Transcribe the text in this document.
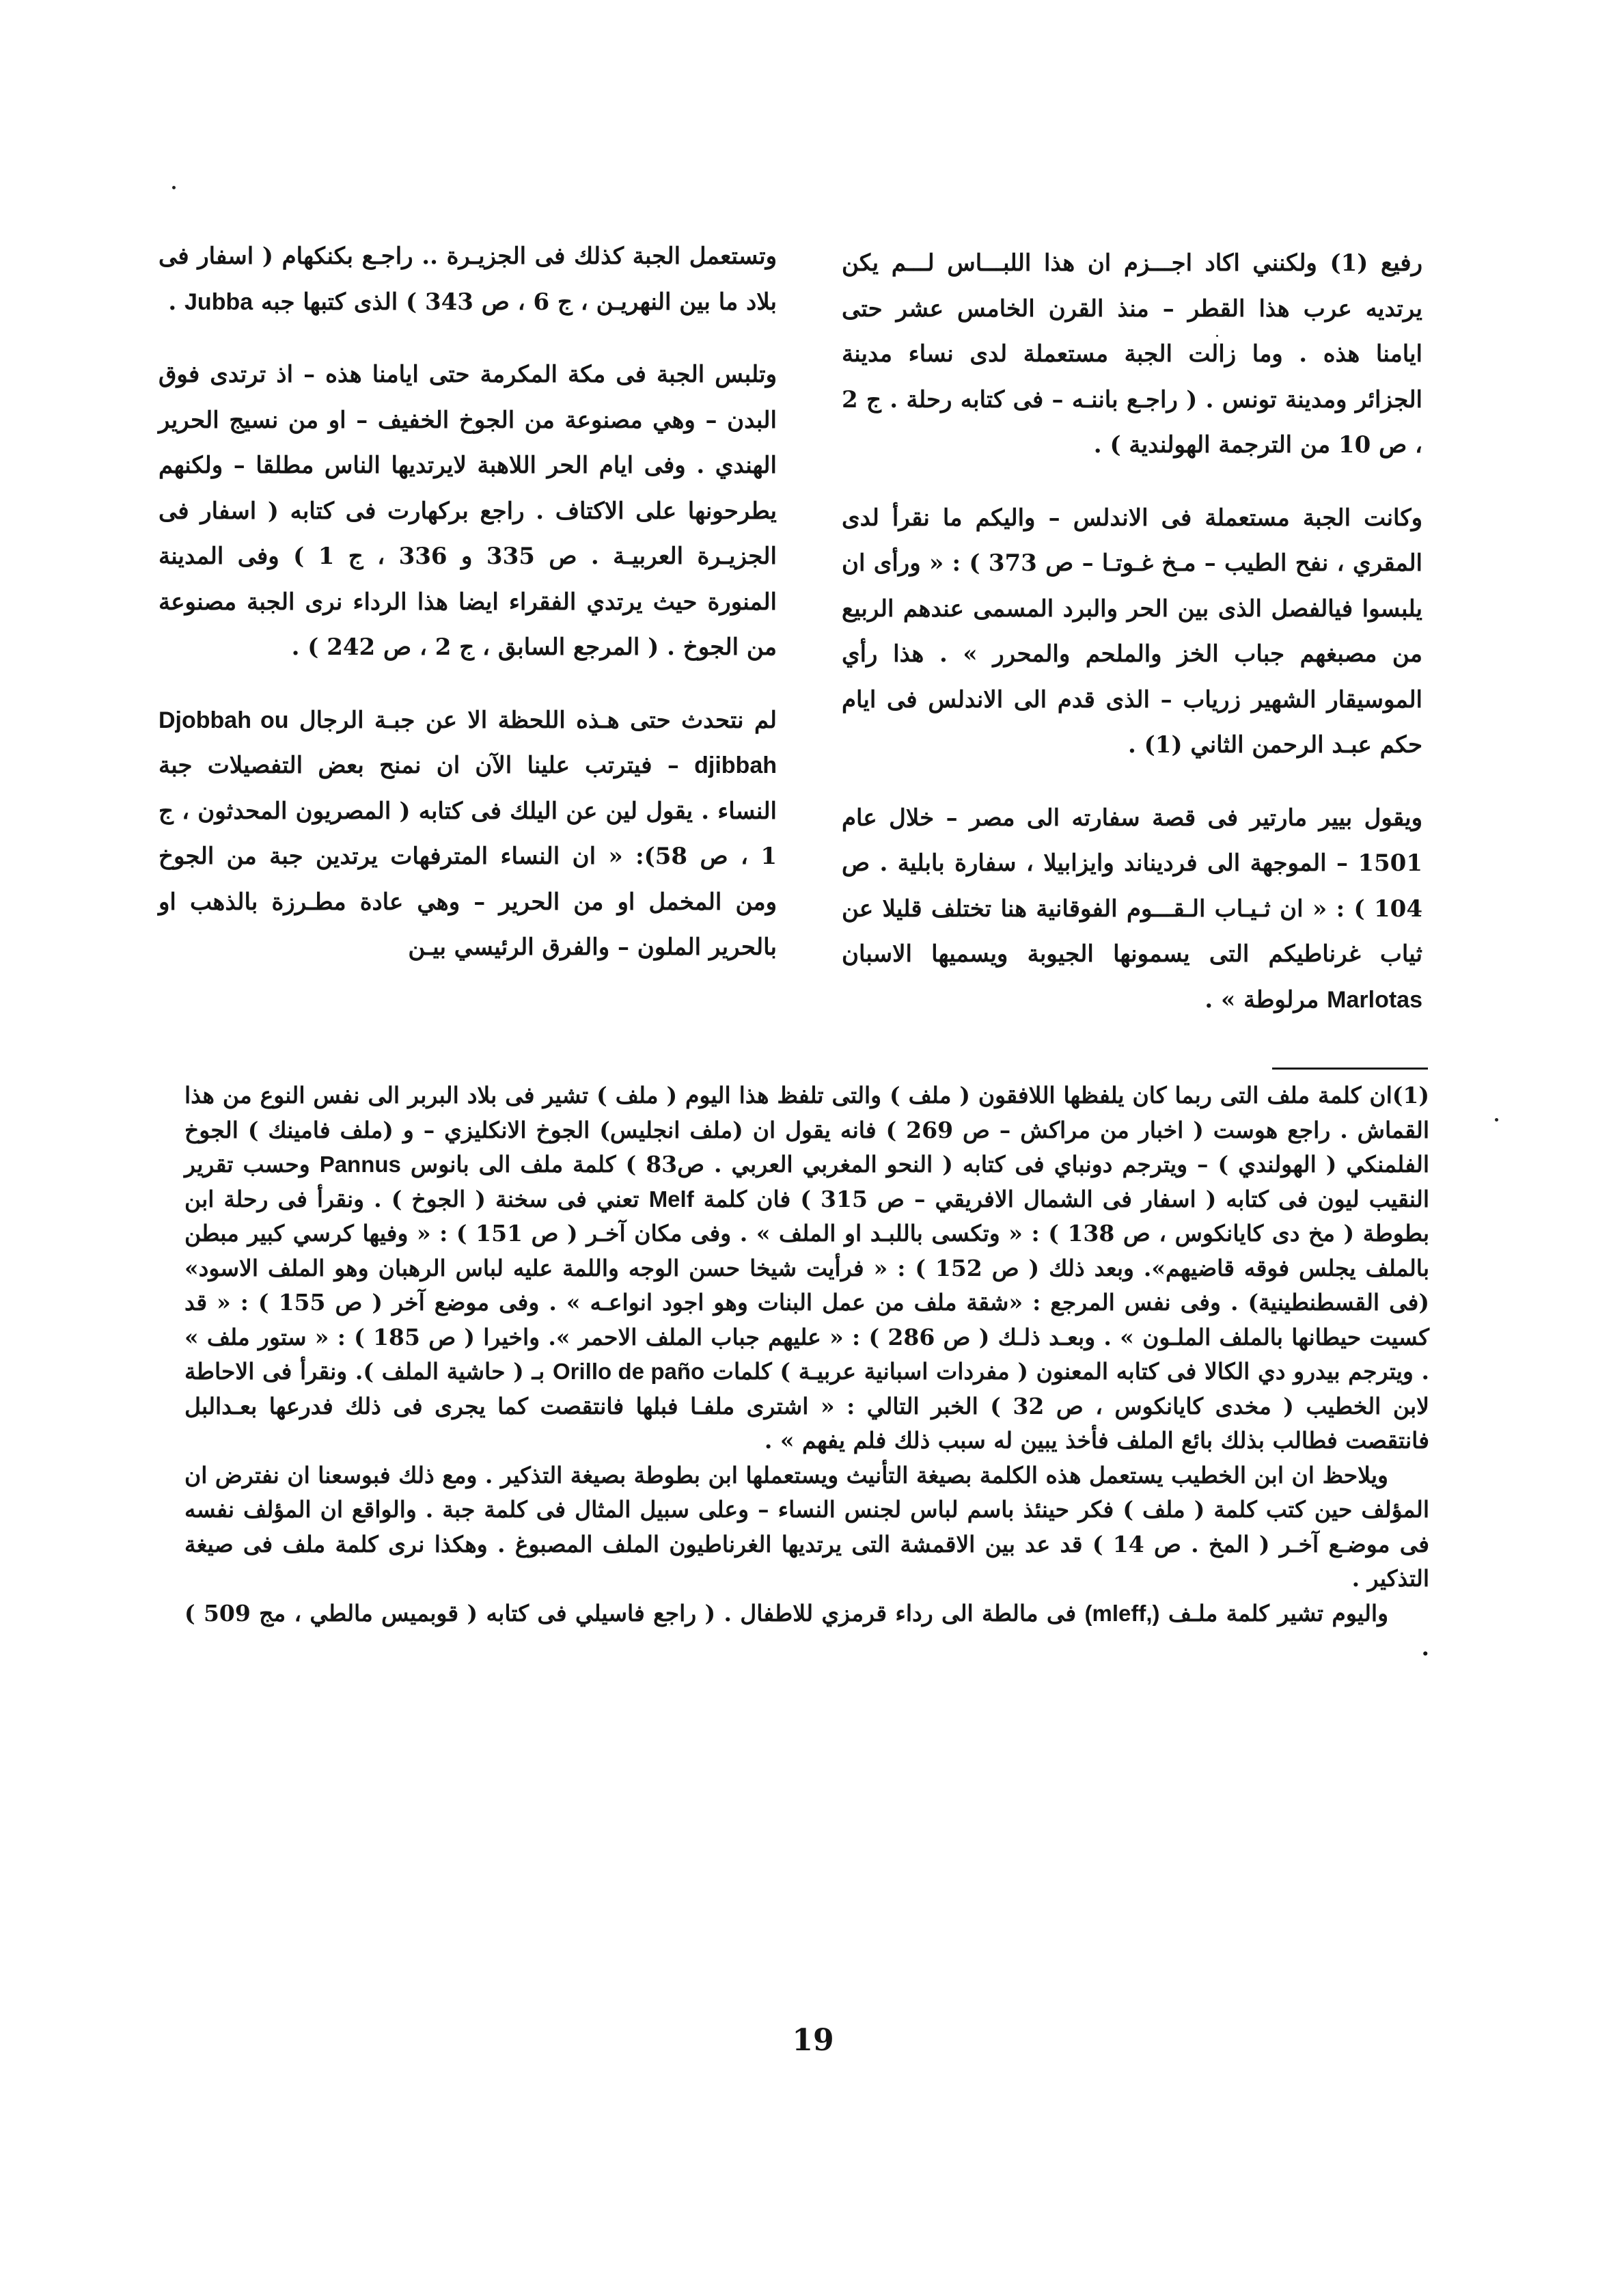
رفيع (1) ولكنني اكاد اجـــزم ان هذا اللبـــاس لـــم يكن يرتديه عرب هذا القطر – منذ القرن الخامس عشر حتى ايامنا هذه . وما زالت الجبة مستعملة لدى نساء مدينة الجزائر ومدينة تونس . ( راجـع باننـه – فى كتابه رحلة . ج 2 ، ص 10 من الترجمة الهولندية ) .

وكانت الجبة مستعملة فى الاندلس – واليكم ما نقرأ لدى المقري ، نفح الطيب – مـخ غـوتـا – ص 373 ) : « ورأى ان يلبسوا فيالفصل الذى بين الحر والبرد المسمى عندهم الربيع من مصبغهم جباب الخز والملحم والمحرر » . هذا رأي الموسيقار الشهير زرياب – الذى قدم الى الاندلس فى ايام حكم عبـد الرحمن الثاني (1) .

ويقول بيير مارتير فى قصة سفارته الى مصر – خلال عام 1501 – الموجهة الى فرديناند وايزابيلا ، سفارة بابلية . ص 104 ) : « ان ثـيـاب الـقـــوم الفوقانية هنا تختلف قليلا عن ثياب غرناطيكم التى يسمونها الجيوبة ويسميها الاسبان Marlotas مرلوطة » .

وتستعمل الجبة كذلك فى الجزيـرة .. راجـع بكنكهام ( اسفار فى بلاد ما بين النهريـن ، ج 6 ، ص 343 ) الذى كتبها جبه Jubba .

وتلبس الجبة فى مكة المكرمة حتى ايامنا هذه – اذ ترتدى فوق البدن – وهي مصنوعة من الجوخ الخفيف – او من نسيج الحرير الهندي . وفى ايام الحر اللاهبة لايرتديها الناس مطلقا – ولكنهم يطرحونها على الاكتاف . راجع بركهارت فى كتابه ( اسفار فى الجزيـرة العربيـة . ص 335 و 336 ، ج 1 ) وفى المدينة المنورة حيث يرتدي الفقراء ايضا هذا الرداء نرى الجبة مصنوعة من الجوخ . ( المرجع السابق ، ج 2 ، ص 242 ) .

لم نتحدث حتى هـذه اللحظة الا عن جبـة الرجال Djobbah ou djibbah – فيترتب علينا الآن ان نمنح بعض التفصيلات جبة النساء . يقول لين عن اليلك فى كتابه ( المصريون المحدثون ، ج 1 ، ص 58): « ان النساء المترفهات يرتدين جبة من الجوخ ومن المخمل او من الحرير – وهي عادة مطـرزة بالذهب او بالحرير الملون – والفرق الرئيسي بيـن

(1)ان كلمة ملف التى ربما كان يلفظها اللافقون ( ملف ) والتى تلفظ هذا اليوم ( ملف ) تشير فى بلاد البربر الى نفس النوع من هذا القماش . راجع هوست ( اخبار من مراكش – ص 269 ) فانه يقول ان (ملف انجليس) الجوخ الانكليزي – و (ملف فامينك ) الجوخ الفلمنكي ( الهولندي ) – ويترجم دونباي فى كتابه ( النحو المغربي العربي . ص83 ) كلمة ملف الى بانوس Pannus وحسب تقرير النقيب ليون فى كتابه ( اسفار فى الشمال الافريقي – ص 315 ) فان كلمة Melf تعني فى سخنة ( الجوخ ) . ونقرأ فى رحلة ابن بطوطة ( مخ دى كايانكوس ، ص 138 ) : « وتكسى باللبـد او الملف » . وفى مكان آخـر ( ص 151 ) : « وفيها كرسي كبير مبطن بالملف يجلس فوقه قاضيهم». وبعد ذلك ( ص 152 ) : « فرأيت شيخا حسن الوجه واللمة عليه لباس الرهبان وهو الملف الاسود» (فى القسطنطينية) . وفى نفس المرجع : «شقة ملف من عمل البنات وهو اجود انواعـه » . وفى موضع آخر ( ص 155 ) : « قد كسيت حيطانها بالملف الملـون » . وبعـد ذلـك ( ص 286 ) : « عليهم جباب الملف الاحمر ». واخيرا ( ص 185 ) : « ستور ملف » . ويترجم بيدرو دي الكالا فى كتابه المعنون ( مفردات اسبانية عربيـة ) كلمات Orillo de paño بـ ( حاشية الملف ). ونقرأ فى الاحاطة لابن الخطيب ( مخدى كايانكوس ، ص 32 ) الخبر التالي : « اشترى ملفـا فبلها فانتقصت كما يجرى فى ذلك فدرعها بعـدالبل فانتقصت فطالب بذلك بائع الملف فأخذ يبين له سبب ذلك فلم يفهم » .

ويلاحظ ان ابن الخطيب يستعمل هذه الكلمة بصيغة التأنيث ويستعملها ابن بطوطة بصيغة التذكير . ومع ذلك فبوسعنا ان نفترض ان المؤلف حين كتب كلمة ( ملف ) فكر حينئذ باسم لباس لجنس النساء – وعلى سبيل المثال فى كلمة جبة . والواقع ان المؤلف نفسه فى موضـع آخـر ( المخ . ص 14 ) قد عد بين الاقمشة التى يرتديها الغرناطيون الملف المصبوغ . وهكذا نرى كلمة ملف فى صيغة التذكير .

واليوم تشير كلمة ملـف (mleff,) فى مالطة الى رداء قرمزي للاطفال . ( راجع فاسيلي فى كتابه ( قوبميس مالطي ، مج 509 ) .

19
